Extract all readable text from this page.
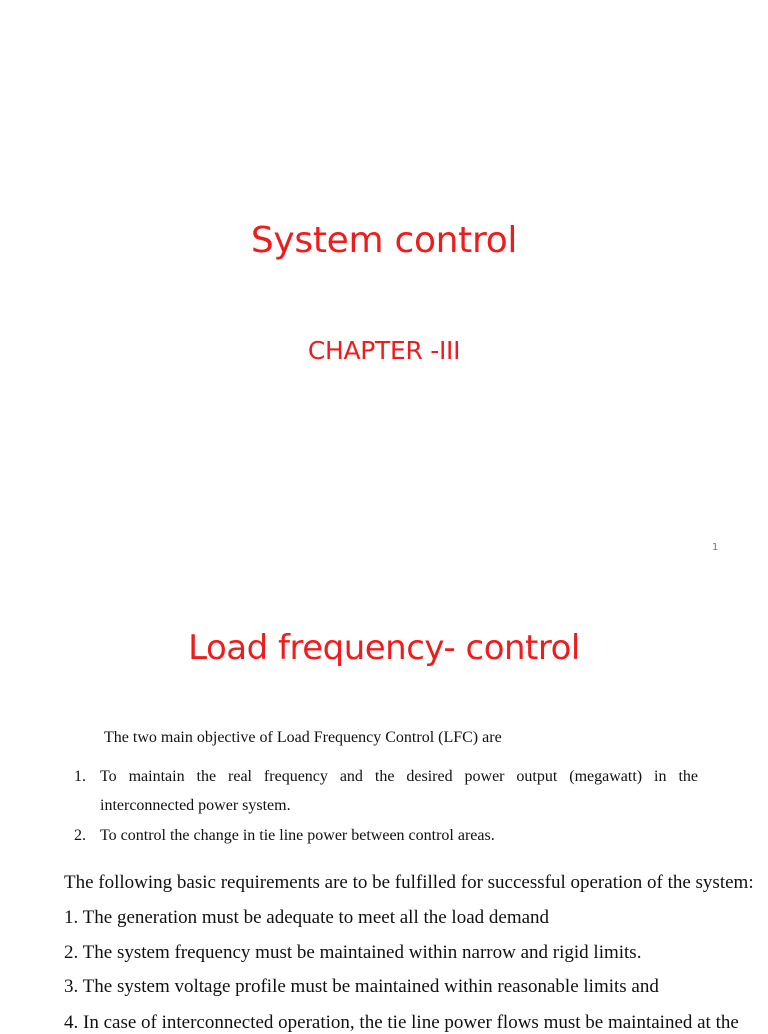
System control
CHAPTER -III
1
Load frequency- control
The two main objective of Load Frequency Control (LFC) are
1. To maintain the real frequency and the desired power output (megawatt) in the interconnected power system.
2. To control the change in tie line power between control areas.
The following basic requirements are to be fulfilled for successful operation of the system:
1. The generation must be adequate to meet all the load demand
2. The system frequency must be maintained within narrow and rigid limits.
3. The system voltage profile must be maintained within reasonable limits and
4. In case of interconnected operation, the tie line power flows must be maintained at the
